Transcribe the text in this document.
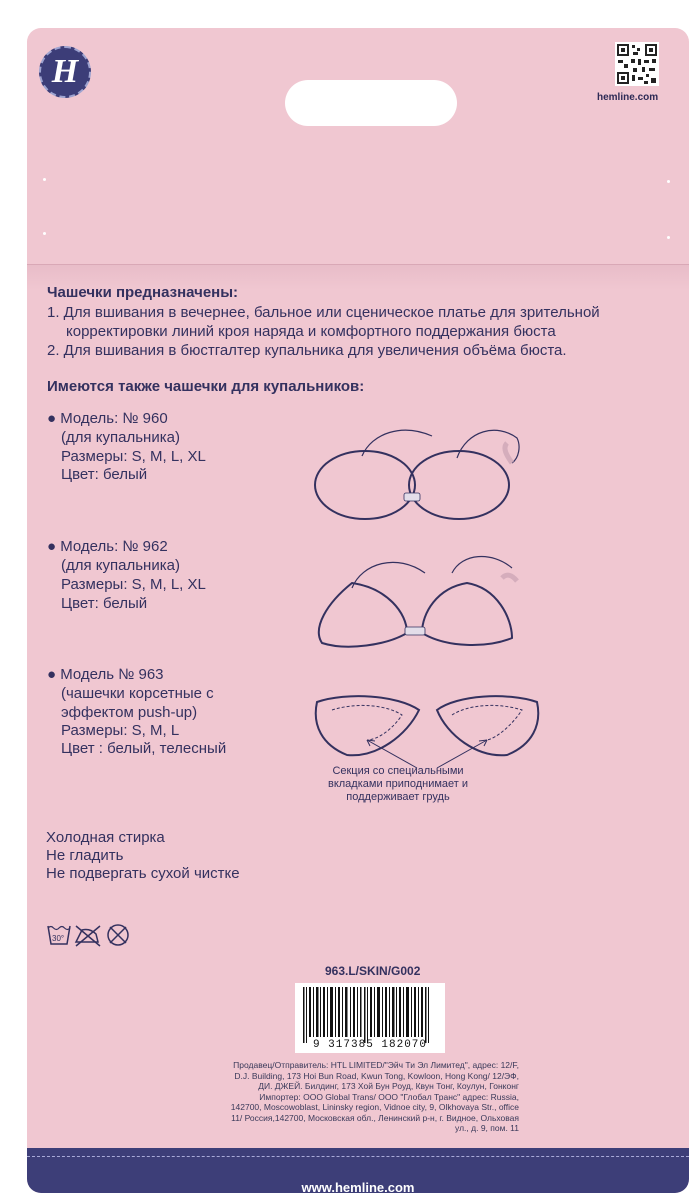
H
hemline.com
Чашечки предназначены:
1. Для вшивания в вечернее, бальное или сценическое платье для зрительной
корректировки линий кроя наряда и комфортного поддержания бюста
2. Для вшивания в бюстгалтер купальника для увеличения объёма бюста.
Имеются также чашечки для купальников:
● Модель: № 960
(для купальника)
Размеры: S, M, L, XL
Цвет: белый
● Модель: № 962
(для купальника)
Размеры: S, M, L, XL
Цвет: белый
● Модель № 963
(чашечки корсетные с
эффектом push-up)
Размеры: S, M, L
Цвет : белый, телесный
Секция со специальными
вкладками приподнимает и
поддерживает грудь
Холодная стирка
Не гладить
Не подвергать сухой чистке
30°
963.L/SKIN/G002
9 317385 182070
Продавец/Отправитель: HTL LIMITED/"Эйч Ти Эл Лимитед", адрес: 12/F, D.J. Building, 173 Hoi Bun Road, Kwun Tong, Kowloon, Hong Kong/ 12/ЭФ, ДИ. ДЖЕЙ. Билдинг, 173 Хой Бун Роуд, Квун Тонг, Коулун, Гонконг Импортер: ООО Global Trans/ ООО "Глобал Транс" адрес: Russia, 142700, Moscowoblast, Lininsky region, Vidnoe city, 9, Olkhovaya Str., office 11/ Россия,142700, Московская обл., Ленинский р-н, г. Видное, Ольховая ул., д. 9, пом. 11
www.hemline.com
